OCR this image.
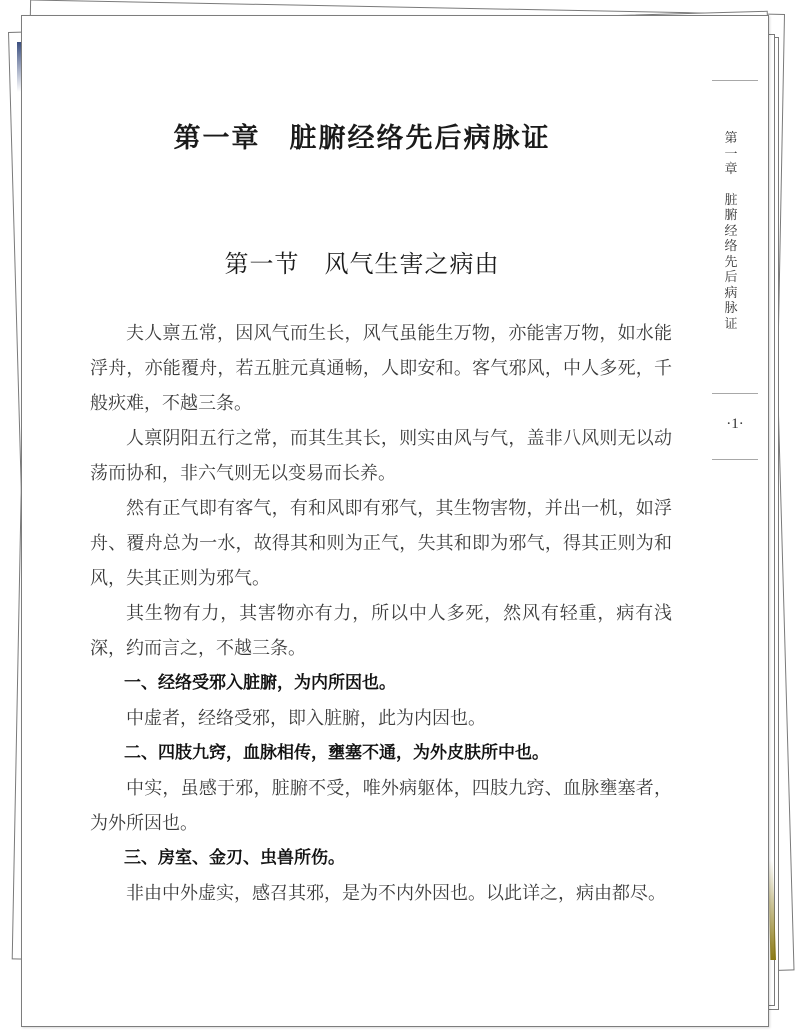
第一章　脏腑经络先后病脉证
第一节　风气生害之病由

夫人禀五常，因风气而生长，风气虽能生万物，亦能害万物，如水能浮舟，亦能覆舟，若五脏元真通畅，人即安和。客气邪风，中人多死，千般疢难，不越三条。

人禀阴阳五行之常，而其生其长，则实由风与气，盖非八风则无以动荡而协和，非六气则无以变易而长养。

然有正气即有客气，有和风即有邪气，其生物害物，并出一机，如浮舟、覆舟总为一水，故得其和则为正气，失其和即为邪气，得其正则为和风，失其正则为邪气。

其生物有力，其害物亦有力，所以中人多死，然风有轻重，病有浅深，约而言之，不越三条。

一、经络受邪入脏腑，为内所因也。

中虚者，经络受邪，即入脏腑，此为内因也。

二、四肢九窍，血脉相传，壅塞不通，为外皮肤所中也。

中实，虽感于邪，脏腑不受，唯外病躯体，四肢九窍、血脉壅塞者，为外所因也。

三、房室、金刃、虫兽所伤。

非由中外虚实，感召其邪，是为不内外因也。以此详之，病由都尽。

第
一
章
脏
腑
经
络
先
后
病
脉
证
·1·
